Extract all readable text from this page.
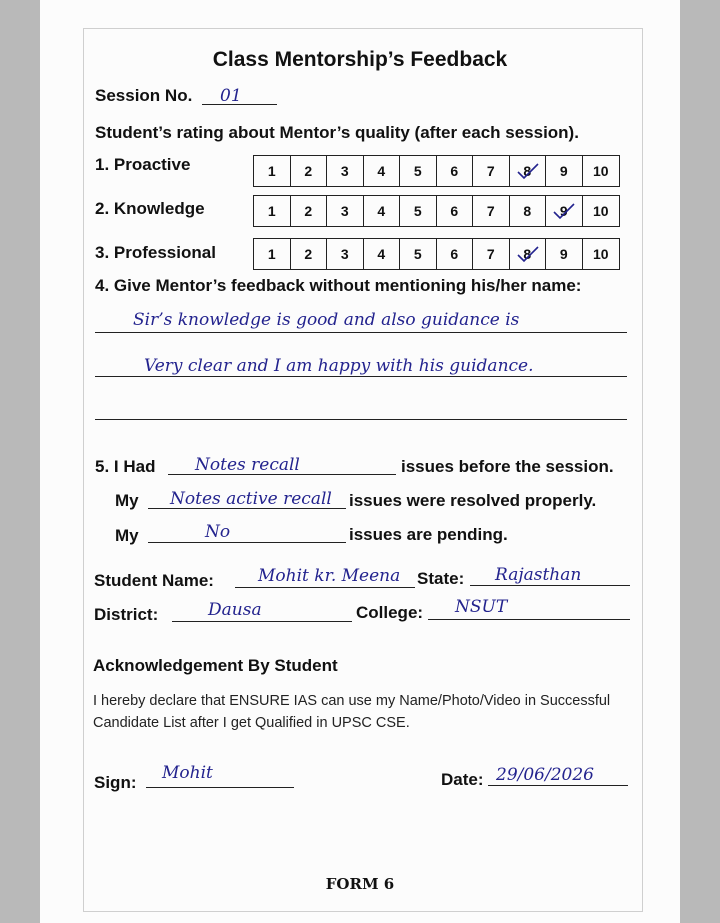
Class Mentorship’s Feedback
Session No. 01
Student’s rating about Mentor’s quality (after each session).
1. Proactive	1 2 3 4 5 6 7 8 9 10
2. Knowledge	1 2 3 4 5 6 7 8 9 10
3. Professional	1 2 3 4 5 6 7 8 9 10
4. Give Mentor’s feedback without mentioning his/her name:
Sir’s knowledge is good and also guidance is
Very clear and I am happy with his guidance.
5. I Had Notes recall	issues before the session.
My Notes active recall issues were resolved properly.
My	No	issues are pending.
Student Name:	Mohit kr. Meena State: Rajasthan
District:	Dausa	College: NSUT
Acknowledgement By Student
I hereby declare that ENSURE IAS can use my Name/Photo/Video in Successful
Candidate List after I get Qualified in UPSC CSE.
Sign: Mohit	Date: 29/06/2026
FORM 6
